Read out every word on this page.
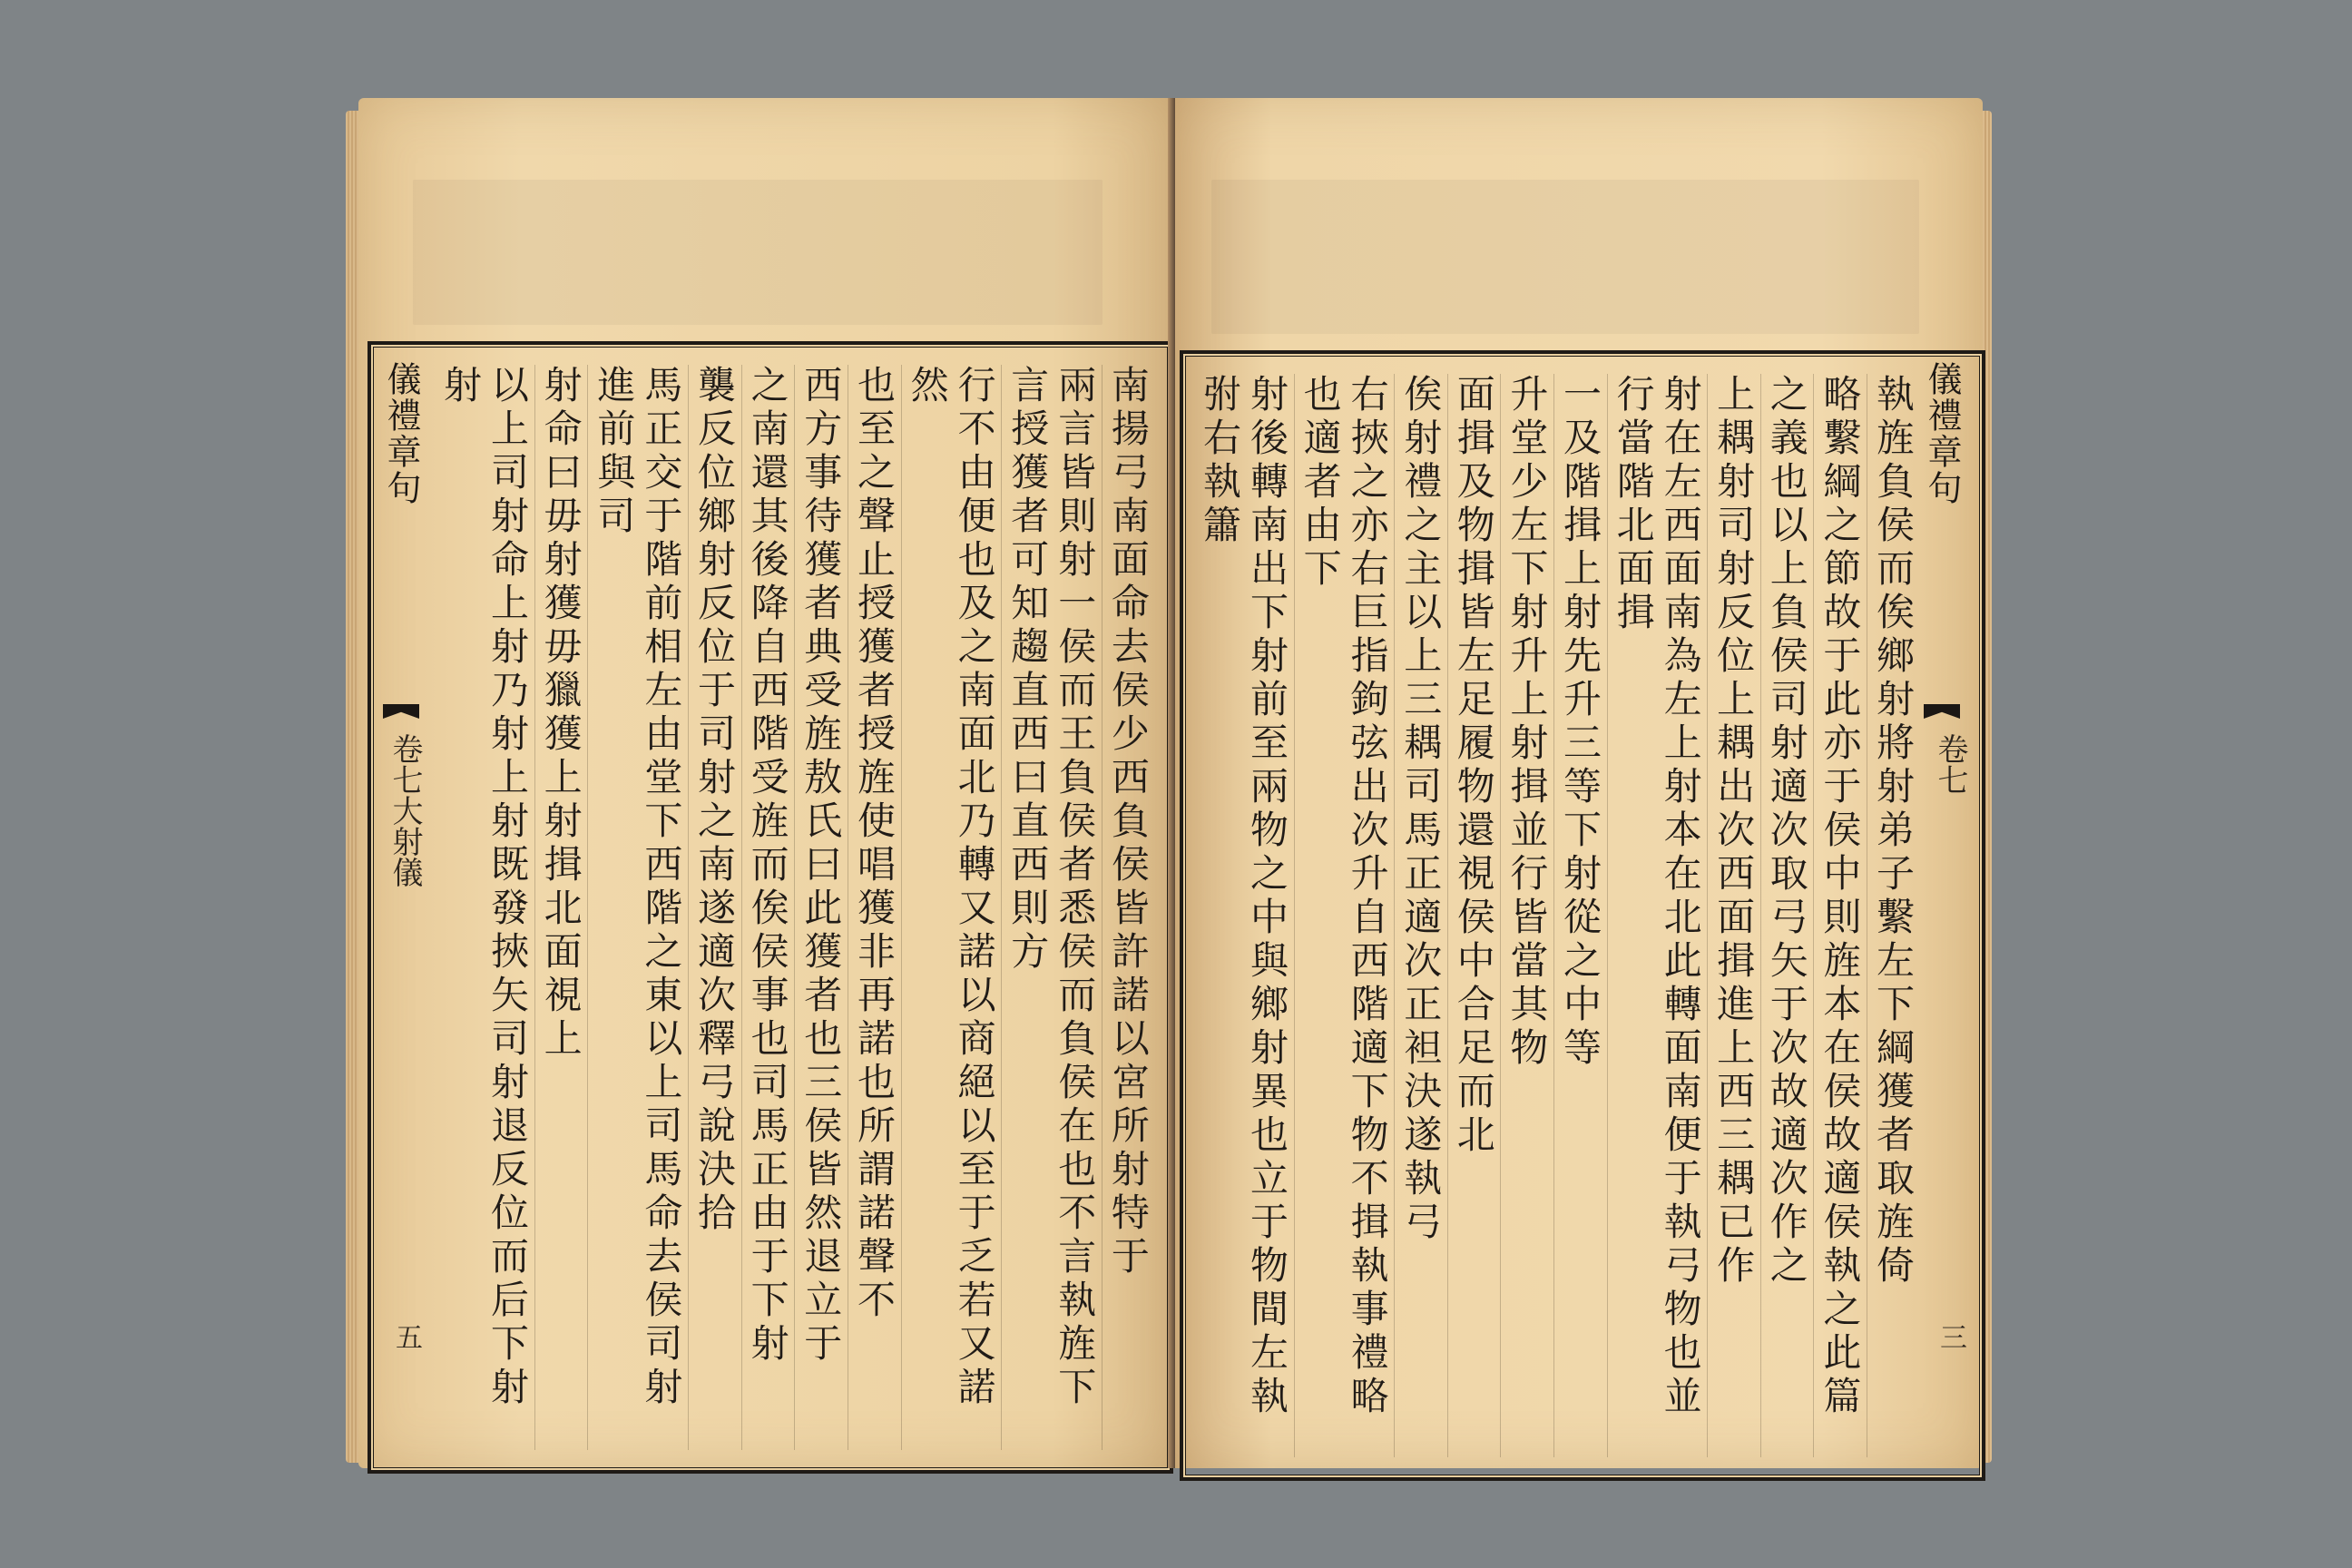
南揚弓南面命去侯少西負侯皆許諾以宮所射特于
兩言皆則射一侯而王負侯者悉侯而負侯在也不言執旌下言授獲者可知趨直西曰直西則方
行不由便也及之南面北乃轉又諾以商絕以至于乏若又諾然
也至之聲止授獲者授旌使唱獲非再諾也所謂諾聲不
西方事待獲者典受旌敖氏曰此獲者也三侯皆然退立于
之南還其後降自西階受旌而俟侯事也司馬正由于下射
襲反位鄉射反位于司射之南遂適次釋弓說決拾
馬正交于階前相左由堂下西階之東以上司馬命去侯司射進前與司
射命曰毋射獲毋獵獲上射揖北面視上
以上司射命上射乃射上射既發挾矢司射退反位而后下射射
儀禮章句
卷七大射儀
五
執旌負侯而俟鄉射將射弟子繫左下綱獲者取旌倚
略繫綱之節故于此亦于侯中則旌本在侯故適侯執之此篇
之義也以上負侯司射適次取弓矢于次故適次作之
上耦射司射反位上耦出次西面揖進上西三耦已作
射在左西面南為左上射本在北此轉面南便于執弓物也並行當階北面揖
一及階揖上射先升三等下射從之中等
升堂少左下射升上射揖並行皆當其物
面揖及物揖皆左足履物還視侯中合足而北
俟射禮之主以上三耦司馬正適次正袒決遂執弓
右挾之亦右巨指鉤弦出次升自西階適下物不揖執事禮略也適者由下
射後轉南出下射前至兩物之中與鄉射異也立于物間左執弣右執簫	儀禮章句
卷七
三
